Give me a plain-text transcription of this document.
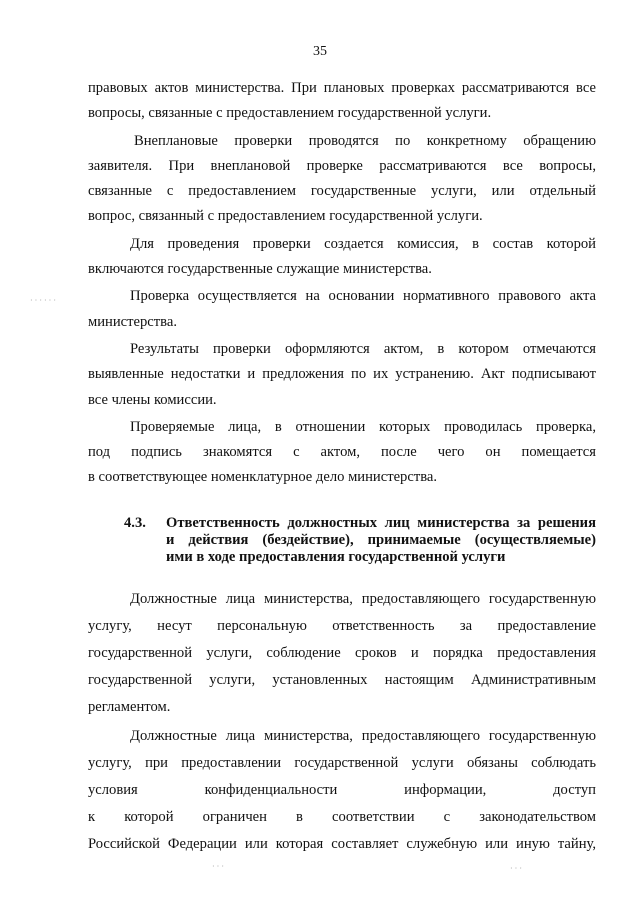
35

правовых актов министерства. При плановых проверках рассматриваются все
вопросы, связанные с предоставлением государственной услуги.

Внеплановые проверки проводятся по конкретному обращению
заявителя. При внеплановой проверке рассматриваются все вопросы,
связанные с предоставлением государственные услуги, или отдельный
вопрос, связанный с предоставлением государственной услуги.

Для проведения проверки создается комиссия, в состав которой
включаются государственные служащие министерства.

Проверка осуществляется на основании нормативного правового акта
министерства.

Результаты проверки оформляются актом, в котором отмечаются
выявленные недостатки и предложения по их устранению. Акт подписывают
все члены комиссии.

Проверяемые лица, в отношении которых проводилась проверка,
под подпись знакомятся с актом, после чего он помещается
в соответствующее номенклатурное дело министерства.

4.3.	Ответственность должностных лиц министерства за решения
и действия (бездействие), принимаемые (осуществляемые)
ими в ходе предоставления государственной услуги

Должностные лица министерства, предоставляющего государственную
услугу, несут персональную ответственность за предоставление
государственной услуги, соблюдение сроков и порядка предоставления
государственной услуги, установленных настоящим Административным
регламентом.

Должностные лица министерства, предоставляющего государственную
услугу, при предоставлении государственной услуги обязаны соблюдать
условия конфиденциальности информации, доступ
к которой ограничен в соответствии с законодательством
Российской Федерации или которая составляет служебную или иную тайну,

· · · · · ·
· · ·	· · ·
